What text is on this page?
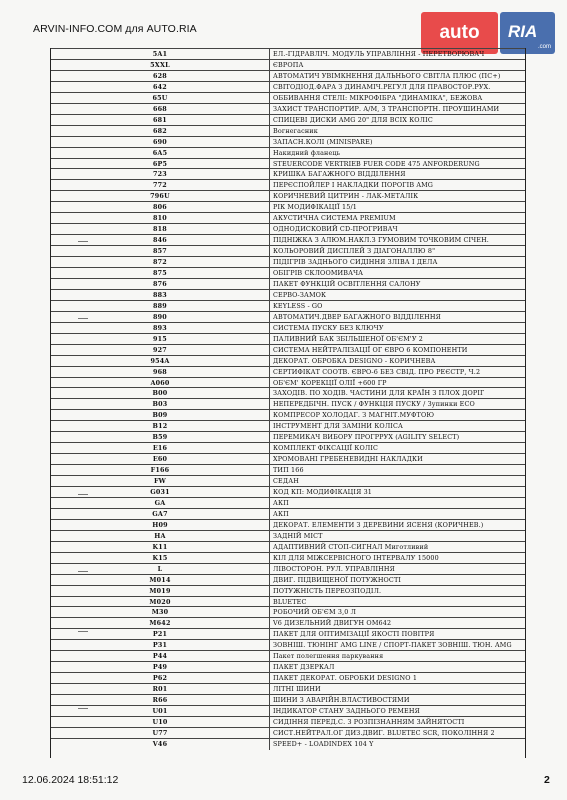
ARVIN-INFO.COM для AUTO.RIA	auto	RIA
.com
5A1	ЕЛ.-ГІДРАВЛІЧ. МОДУЛЬ УПРАВЛІННЯ - ПЕРЕТВОРЮВАЧ
5XXL	ЄВРОПА
628	АВТОМАТИЧ УВІМКНЕННЯ ДАЛЬНЬОГО СВІТЛА ПЛЮС (ПС+)
642	СВІТОДІОД.ФАРА З ДИНАМІЧ.РЕГУЛ ДЛЯ ПРАВОСТОР.РУХ.
65U	ОББИВАННЯ СТЕЛІ: МІКРОФІБРА "ДИНАМІКА", БЕЖОВА
668	ЗАХИСТ ТРАНСПОРТИР. А/М, З ТРАНСПОРТН. ПРОУШИНАМИ
681	СПИЦЕВІ ДИСКИ AMG 20" ДЛЯ ВСІХ КОЛІС
682	Вогнегасник
690	ЗАПАСН.КОЛІ (MINISPARE)
6A5	Накидний фланець
6P5	STEUERCODE VERTRIEB FUER CODE 475 ANFORDERUNG
723	КРИШКА БАГАЖНОГО ВІДДІЛЕННЯ
772	ПЕРЄСПОЙЛЕР І НАКЛАДКИ ПОРОГІВ AMG
796U	КОРИЧНЕВИЙ ЦИТРИН - ЛАК-МЕТАЛІК
806	РІК МОДИФІКАЦІЇ 15/1
810	АКУСТИЧНА СИСТЕМА PREMIUM
818	ОДНОДИСКОВИЙ CD-ПРОГРИВАЧ
846	ПІДНІЖКА З АЛЮМ.НАКЛ.З ГУМОВИМ ТОЧКОВИМ СІЧЕН.
857	КОЛЬОРОВИЙ ДИСПЛЕЙ З ДІАГОНАЛЛЮ 8"
872	ПІДІГРІВ ЗАДНЬОГО СИДІННЯ ЗЛІВА І ДЕЛА
875	ОБІГРІВ СКЛООМИВАЧА
876	ПАКЕТ ФУНКЦІЙ ОСВІТЛЕННЯ САЛОНУ
883	СЕРВО-ЗАМОК
889	KEYLESS - GO
890	АВТОМАТИЧ.ДВЕР БАГАЖНОГО ВІДДІЛЕННЯ
893	СИСТЕМА ПУСКУ БЕЗ КЛЮЧУ
915	ПАЛИВНИЙ БАК ЗБІЛЬШЕНОЇ ОБ'ЄМ'У 2
927	СИСТЕМА НЕЙТРАЛІЗАЦІЇ ОГ ЄВРО 6 КОМПОНЕНТИ
954A	ДЕКОРАТ. ОБРОБКА DESIGNO - КОРИЧНЕВА
968	СЕРТИФІКАТ СООТВ. ЄВРО-6 БЕЗ СВІД. ПРО РЕЄСТР, Ч.2
A060	ОБ'ЄМ' КОРЕКЦІЇ ОЛІЇ +600 ГР
B00	ЗАХОДІВ. ПО ХОДІВ. ЧАСТИНИ ДЛЯ КРАЇН З ПЛОХ ДОРІГ
B03	НЕПЕРЕДБІЧН. ПУСК / ФУНКЦІЯ ПУСКУ / Зупинки ECO
B09	КОМПРЕСОР ХОЛОДАГ. З МАГНІТ.МУФТОЮ
B12	ІНСТРУМЕНТ ДЛЯ ЗАМІНИ КОЛІСА
B59	ПЕРЕМИКАЧ ВИБОРУ ПРОГРРУХ (AGILITY SELECT)
E16	КОМПЛЕКТ ФІКСАЦІЇ КОЛІС
E60	ХРОМОВАНІ ГРЕБЕНЕВИДНІ НАКЛАДКИ
F166	ТИП 166
FW	СЕДАН
G031	КОД КП: МОДИФІКАЦІЯ 31
GA	АКП
GA7	АКП
H09	ДЕКОРАТ. ЕЛЕМЕНТИ З ДЕРЕВИНИ ЯСЕНЯ (КОРИЧНЕВ.)
HA	ЗАДНІЙ МІСТ
K11	АДАПТИВНИЙ СТОП-СИГНАЛ Миготливий
K15	КІЛ ДЛЯ МІЖСЕРВІСНОГО ІНТЕРВАЛУ 15000
L	ЛІВОСТОРОН. РУЛ. УПРАВЛІННЯ
M014	ДВИГ. ПІДВИЩЕНОЇ ПОТУЖНОСТІ
M019	ПОТУЖНІСТЬ ПЕРЕОЗПОДІЛ.
M020	BLUETEC
M30	РОБОЧИЙ ОБ'ЄМ 3,0 Л
M642	V6 ДИЗЕЛЬНИЙ ДВИГУН OM642
P21	ПАКЕТ ДЛЯ ОПТИМІЗАЦІЇ ЯКОСТІ ПОВІТРЯ
P31	ЗОВНІШ. ТЮНІНГ AMG LINE / СПОРТ-ПАКЕТ ЗОВНІШ. ТЮН. AMG
P44	Пакет полегшення паркування
P49	ПАКЕТ ДЗЕРКАЛ
P62	ПАКЕТ ДЕКОРАТ. ОБРОБКИ DESIGNO 1
R01	ЛІТНІ ШИНИ
R66	ШИНИ З АВАРІЙН.ВЛАСТИВОСТЯМИ
U01	ІНДИКАТОР СТАНУ ЗАДНЬОГО РЕМЕНЯ
U10	СИДІННЯ ПЕРЕД.С. З РОЗПІЗНАННЯМ ЗАЙНЯТОСТІ
U77	СИСТ.НЕЙТРАЛ.ОГ ДИЗ.ДВИГ. BLUETEC SCR, ПОКОЛІННЯ 2
V46	SPEED+ - LOADINDEX 104 Y
12.06.2024 18:51:12	2
